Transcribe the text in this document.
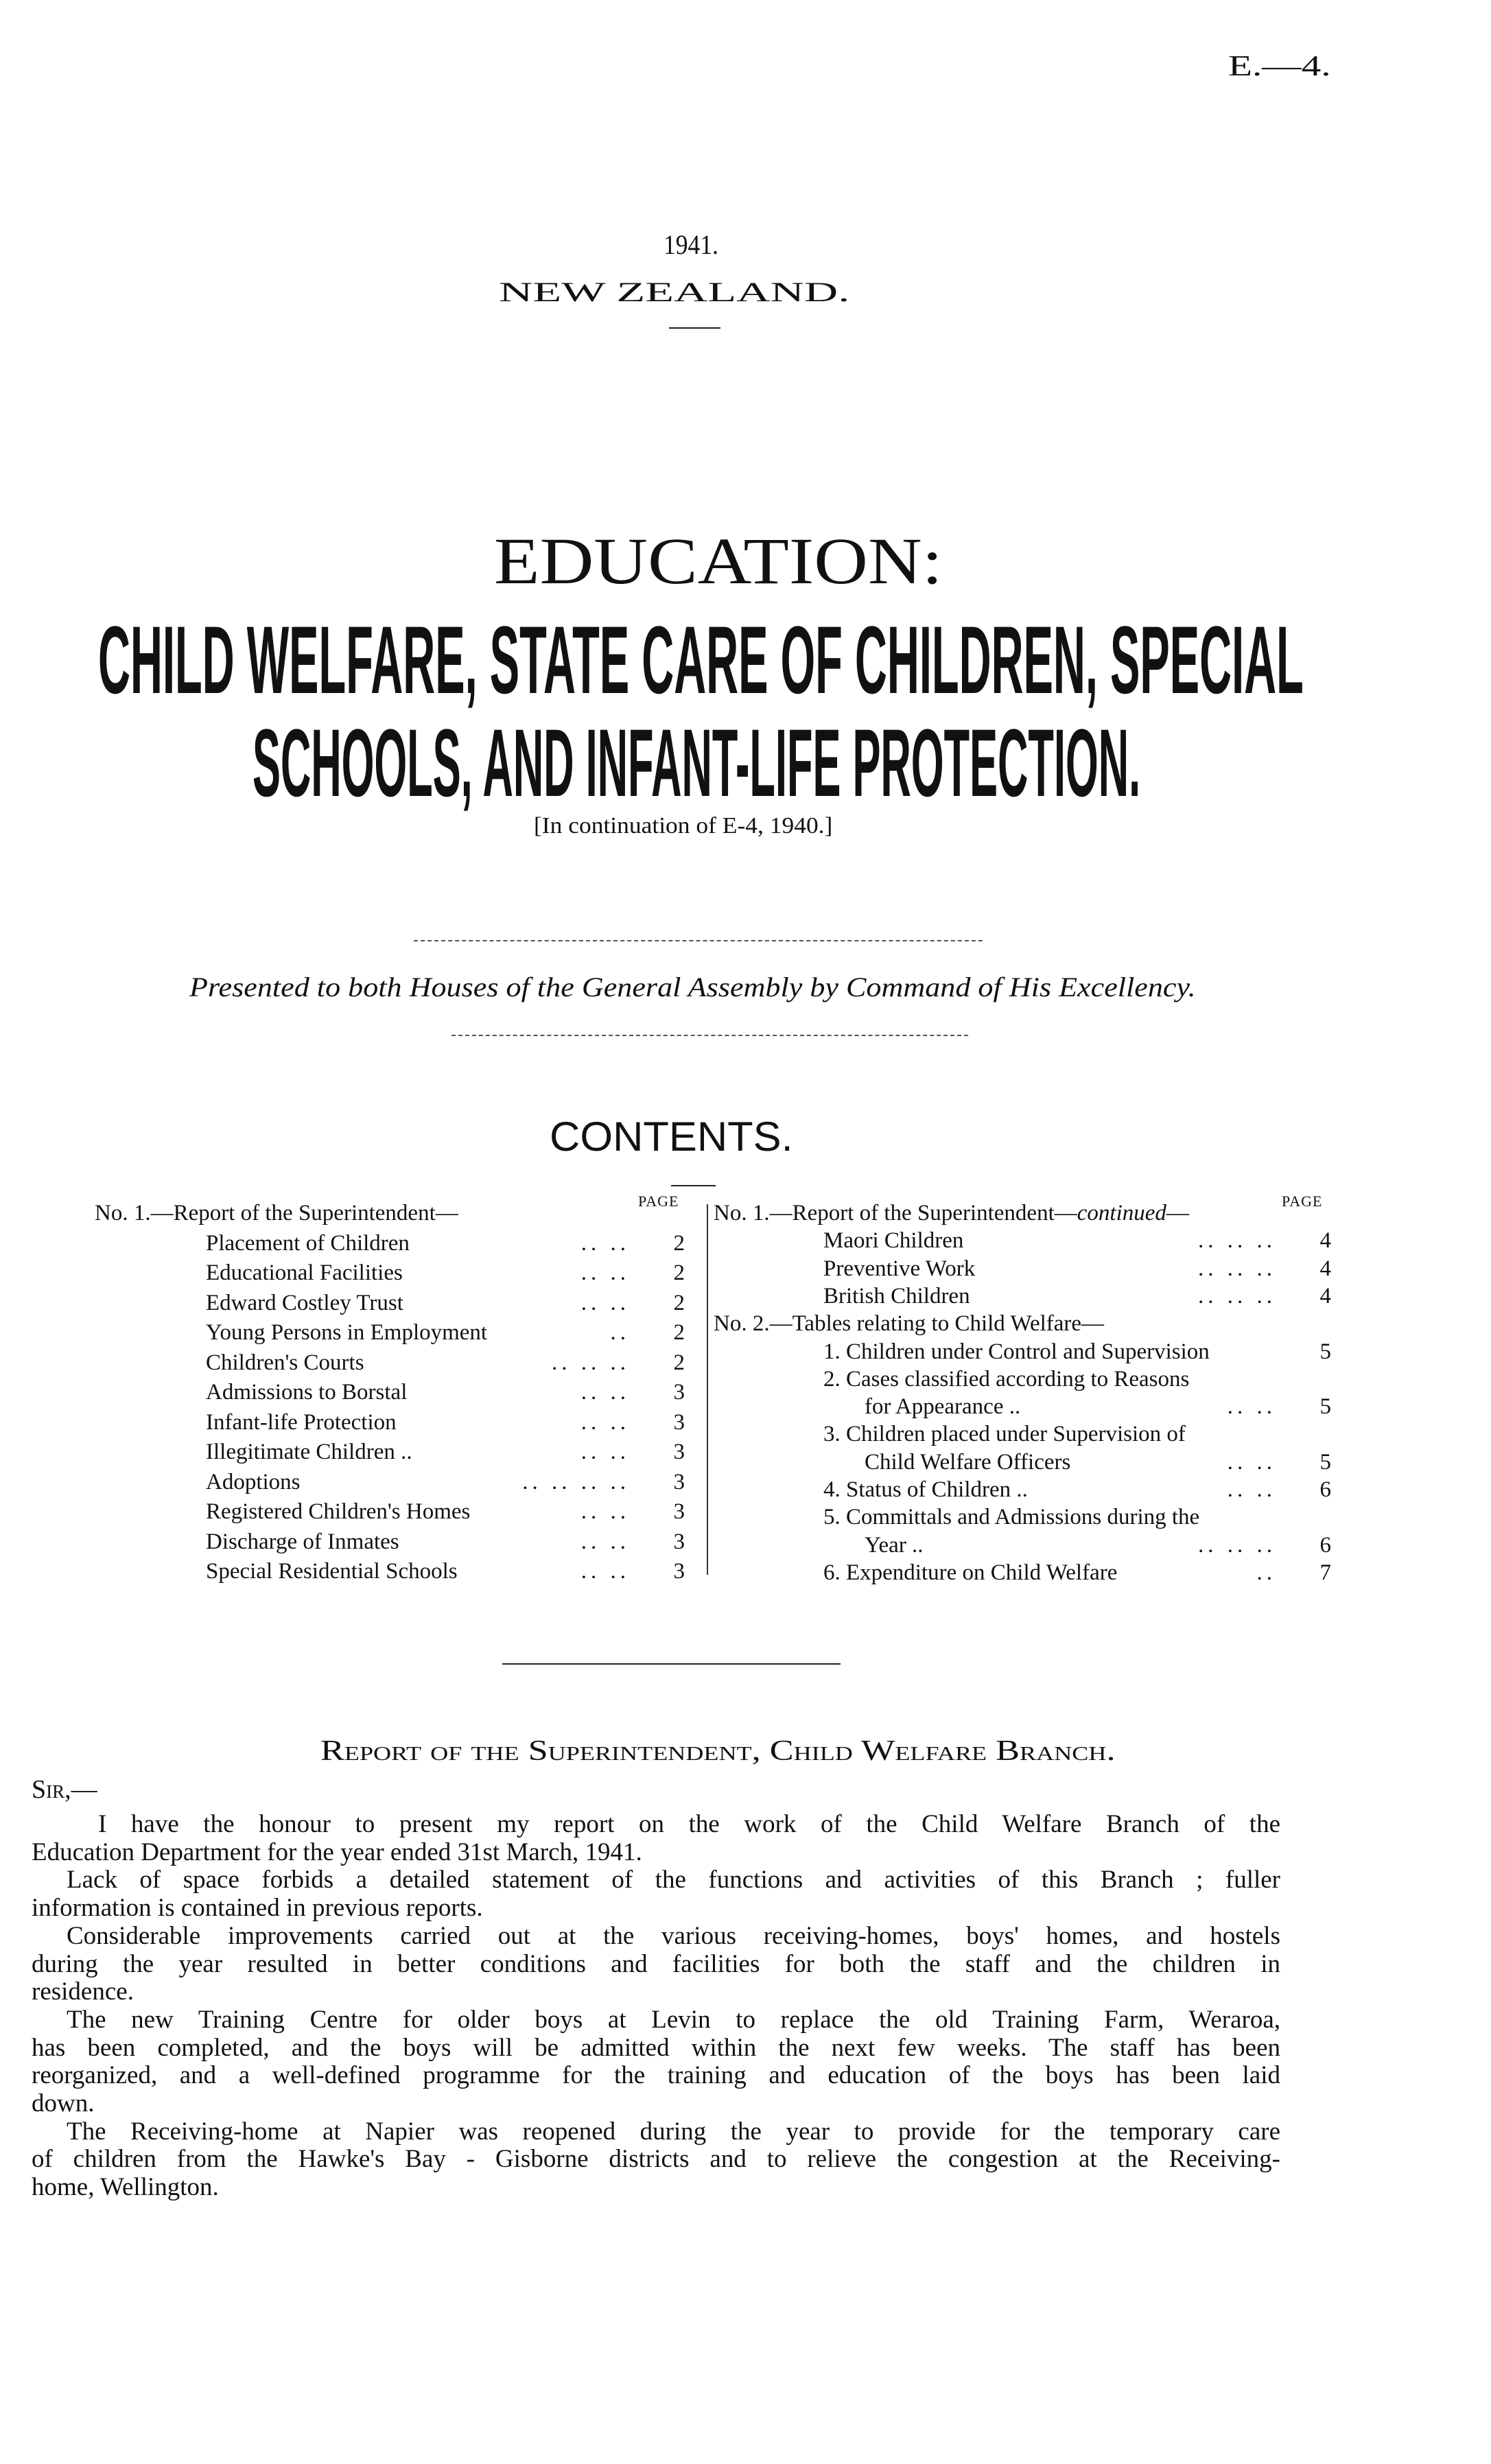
E.—4.
1941.
NEW ZEALAND.
EDUCATION:
CHILD WELFARE, STATE CARE OF CHILDREN, SPECIAL
SCHOOLS, AND INFANT-LIFE PROTECTION.
[In continuation of E-4, 1940.]
Presented to both Houses of the General Assembly by Command of His Excellency.
CONTENTS.
PAGE	PAGE
No. 1.—Report of the Superintendent—
Placement of Children	.. ..	2
Educational Facilities	.. ..	2
Edward Costley Trust	.. ..	2
Young Persons in Employment	..	2
Children's Courts	.. .. ..	2
Admissions to Borstal	.. ..	3
Infant-life Protection	.. ..	3
Illegitimate Children ..	.. ..	3
Adoptions	.. .. .. ..	3
Registered Children's Homes	.. ..	3
Discharge of Inmates	.. ..	3
Special Residential Schools	.. ..	3
No. 1.—Report of the Superintendent—continued—
Maori Children	.. .. ..	4
Preventive Work	.. .. ..	4
British Children	.. .. ..	4
No. 2.—Tables relating to Child Welfare—
1. Children under Control and Supervision	5
2. Cases classified according to Reasons
for Appearance ..	.. ..	5
3. Children placed under Supervision of
Child Welfare Officers	.. ..	5
4. Status of Children ..	.. ..	6
5. Committals and Admissions during the
Year ..	.. .. ..	6
6. Expenditure on Child Welfare	..	7
Report of the Superintendent, Child Welfare Branch.
Sir,—
I have the honour to present my report on the work of the Child Welfare Branch of the
Education Department for the year ended 31st March, 1941.
Lack of space forbids a detailed statement of the functions and activities of this Branch ; fuller
information is contained in previous reports.
Considerable improvements carried out at the various receiving-homes, boys' homes, and hostels
during the year resulted in better conditions and facilities for both the staff and the children in
residence.
The new Training Centre for older boys at Levin to replace the old Training Farm, Weraroa,
has been completed, and the boys will be admitted within the next few weeks. The staff has been
reorganized, and a well-defined programme for the training and education of the boys has been laid
down.
The Receiving-home at Napier was reopened during the year to provide for the temporary care
of children from the Hawke's Bay - Gisborne districts and to relieve the congestion at the Receiving-
home, Wellington.
